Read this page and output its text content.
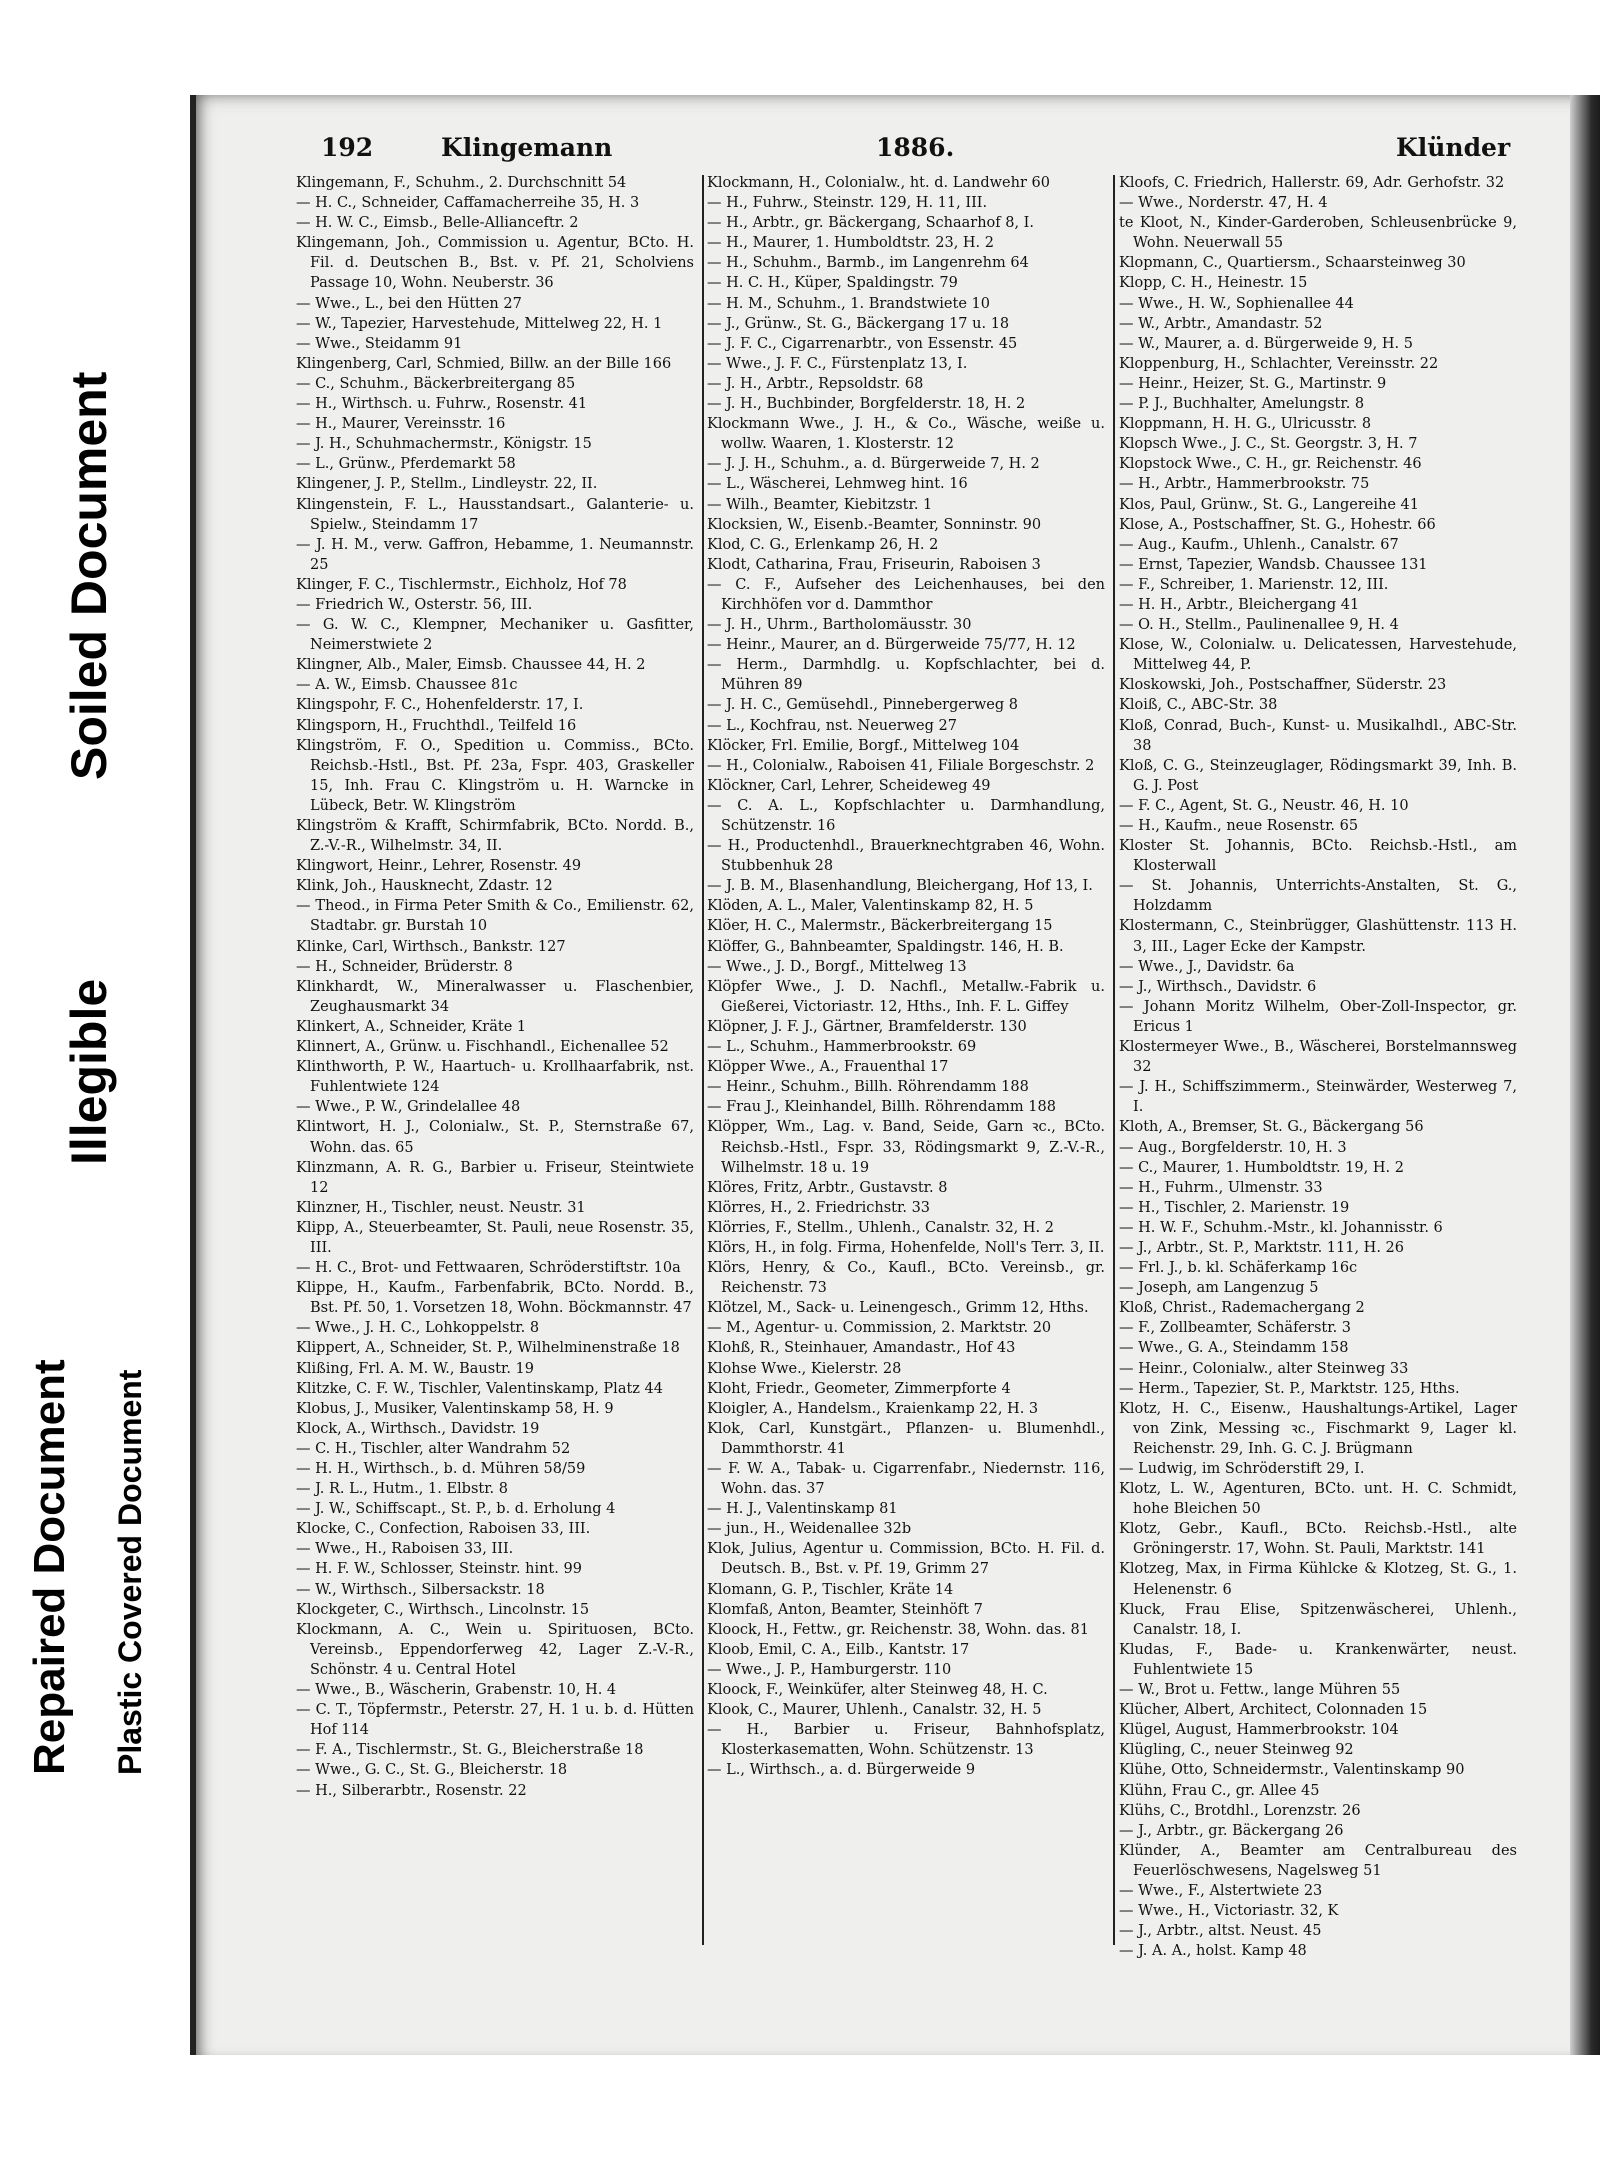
Soiled Document
Illegible
Repaired Document Plastic Covered Document
192	Klingemann	1886.	Klünder

Klingemann, F., Schuhm., 2. Durchschnitt 54

— H. C., Schneider, Caffamacherreihe 35, H. 3

— H. W. C., Eimsb., Belle-Allianceftr. 2

Klingemann, Joh., Commission u. Agentur, BCto. H. Fil. d. Deutschen B., Bst. v. Pf. 21, Scholviens Passage 10, Wohn. Neuberstr. 36

— Wwe., L., bei den Hütten 27

— W., Tapezier, Harvestehude, Mittelweg 22, H. 1

— Wwe., Steidamm 91

Klingenberg, Carl, Schmied, Billw. an der Bille 166

— C., Schuhm., Bäckerbreitergang 85

— H., Wirthsch. u. Fuhrw., Rosenstr. 41

— H., Maurer, Vereinsstr. 16

— J. H., Schuhmachermstr., Königstr. 15

— L., Grünw., Pferdemarkt 58

Klingener, J. P., Stellm., Lindleystr. 22, II.

Klingenstein, F. L., Hausstandsart., Galanterie- u. Spielw., Steindamm 17

— J. H. M., verw. Gaffron, Hebamme, 1. Neumannstr. 25

Klinger, F. C., Tischlermstr., Eichholz, Hof 78

— Friedrich W., Osterstr. 56, III.

— G. W. C., Klempner, Mechaniker u. Gasfitter, Neimerstwiete 2

Klingner, Alb., Maler, Eimsb. Chaussee 44, H. 2

— A. W., Eimsb. Chaussee 81c

Klingspohr, F. C., Hohenfelderstr. 17, I.

Klingsporn, H., Fruchthdl., Teilfeld 16

Klingström, F. O., Spedition u. Commiss., BCto. Reichsb.-Hstl., Bst. Pf. 23a, Fspr. 403, Graskeller 15, Inh. Frau C. Klingström u. H. Warncke in Lübeck, Betr. W. Klingström

Klingström & Krafft, Schirmfabrik, BCto. Nordd. B., Z.-V.-R., Wilhelmstr. 34, II.

Klingwort, Heinr., Lehrer, Rosenstr. 49

Klink, Joh., Hausknecht, Zdastr. 12

— Theod., in Firma Peter Smith & Co., Emilienstr. 62, Stadtabr. gr. Burstah 10

Klinke, Carl, Wirthsch., Bankstr. 127

— H., Schneider, Brüderstr. 8

Klinkhardt, W., Mineralwasser u. Flaschenbier, Zeughausmarkt 34

Klinkert, A., Schneider, Kräte 1

Klinnert, A., Grünw. u. Fischhandl., Eichenallee 52

Klinthworth, P. W., Haartuch- u. Krollhaarfabrik, nst. Fuhlentwiete 124

— Wwe., P. W., Grindelallee 48

Klintwort, H. J., Colonialw., St. P., Sternstraße 67, Wohn. das. 65

Klinzmann, A. R. G., Barbier u. Friseur, Steintwiete 12

Klinzner, H., Tischler, neust. Neustr. 31

Klipp, A., Steuerbeamter, St. Pauli, neue Rosenstr. 35, III.

— H. C., Brot- und Fettwaaren, Schröderstiftstr. 10a

Klippe, H., Kaufm., Farbenfabrik, BCto. Nordd. B., Bst. Pf. 50, 1. Vorsetzen 18, Wohn. Böckmannstr. 47

— Wwe., J. H. C., Lohkoppelstr. 8

Klippert, A., Schneider, St. P., Wilhelminenstraße 18

Klißing, Frl. A. M. W., Baustr. 19

Klitzke, C. F. W., Tischler, Valentinskamp, Platz 44

Klobus, J., Musiker, Valentinskamp 58, H. 9

Klock, A., Wirthsch., Davidstr. 19

— C. H., Tischler, alter Wandrahm 52

— H. H., Wirthsch., b. d. Mühren 58/59

— J. R. L., Hutm., 1. Elbstr. 8

— J. W., Schiffscapt., St. P., b. d. Erholung 4

Klocke, C., Confection, Raboisen 33, III.

— Wwe., H., Raboisen 33, III.

— H. F. W., Schlosser, Steinstr. hint. 99

— W., Wirthsch., Silbersackstr. 18

Klockgeter, C., Wirthsch., Lincolnstr. 15

Klockmann, A. C., Wein u. Spirituosen, BCto. Vereinsb., Eppendorferweg 42, Lager Z.-V.-R., Schönstr. 4 u. Central Hotel

— Wwe., B., Wäscherin, Grabenstr. 10, H. 4

— C. T., Töpfermstr., Peterstr. 27, H. 1 u. b. d. Hütten Hof 114

— F. A., Tischlermstr., St. G., Bleicherstraße 18

— Wwe., G. C., St. G., Bleicherstr. 18

— H., Silberarbtr., Rosenstr. 22

Klockmann, H., Colonialw., ht. d. Landwehr 60

— H., Fuhrw., Steinstr. 129, H. 11, III.

— H., Arbtr., gr. Bäckergang, Schaarhof 8, I.

— H., Maurer, 1. Humboldtstr. 23, H. 2

— H., Schuhm., Barmb., im Langenrehm 64

— H. C. H., Küper, Spaldingstr. 79

— H. M., Schuhm., 1. Brandstwiete 10

— J., Grünw., St. G., Bäckergang 17 u. 18

— J. F. C., Cigarrenarbtr., von Essenstr. 45

— Wwe., J. F. C., Fürstenplatz 13, I.

— J. H., Arbtr., Repsoldstr. 68

— J. H., Buchbinder, Borgfelderstr. 18, H. 2

Klockmann Wwe., J. H., & Co., Wäsche, weiße u. wollw. Waaren, 1. Klosterstr. 12

— J. J. H., Schuhm., a. d. Bürgerweide 7, H. 2

— L., Wäscherei, Lehmweg hint. 16

— Wilh., Beamter, Kiebitzstr. 1

Klocksien, W., Eisenb.-Beamter, Sonninstr. 90

Klod, C. G., Erlenkamp 26, H. 2

Klodt, Catharina, Frau, Friseurin, Raboisen 3

— C. F., Aufseher des Leichenhauses, bei den Kirchhöfen vor d. Dammthor

— J. H., Uhrm., Bartholomäusstr. 30

— Heinr., Maurer, an d. Bürgerweide 75/77, H. 12

— Herm., Darmhdlg. u. Kopfschlachter, bei d. Mühren 89

— J. H. C., Gemüsehdl., Pinnebergerweg 8

— L., Kochfrau, nst. Neuerweg 27

Klöcker, Frl. Emilie, Borgf., Mittelweg 104

— H., Colonialw., Raboisen 41, Filiale Borgeschstr. 2

Klöckner, Carl, Lehrer, Scheideweg 49

— C. A. L., Kopfschlachter u. Darmhandlung, Schützenstr. 16

— H., Productenhdl., Brauerknechtgraben 46, Wohn. Stubbenhuk 28

— J. B. M., Blasenhandlung, Bleichergang, Hof 13, I.

Klöden, A. L., Maler, Valentinskamp 82, H. 5

Klöer, H. C., Malermstr., Bäckerbreitergang 15

Klöffer, G., Bahnbeamter, Spaldingstr. 146, H. B.

— Wwe., J. D., Borgf., Mittelweg 13

Klöpfer Wwe., J. D. Nachfl., Metallw.-Fabrik u. Gießerei, Victoriastr. 12, Hths., Inh. F. L. Giffey

Klöpner, J. F. J., Gärtner, Bramfelderstr. 130

— L., Schuhm., Hammerbrookstr. 69

Klöpper Wwe., A., Frauenthal 17

— Heinr., Schuhm., Billh. Röhrendamm 188

— Frau J., Kleinhandel, Billh. Röhrendamm 188

Klöpper, Wm., Lag. v. Band, Seide, Garn ꝛc., BCto. Reichsb.-Hstl., Fspr. 33, Rödingsmarkt 9, Z.-V.-R., Wilhelmstr. 18 u. 19

Klöres, Fritz, Arbtr., Gustavstr. 8

Klörres, H., 2. Friedrichstr. 33

Klörries, F., Stellm., Uhlenh., Canalstr. 32, H. 2

Klörs, H., in folg. Firma, Hohenfelde, Noll's Terr. 3, II.

Klörs, Henry, & Co., Kaufl., BCto. Vereinsb., gr. Reichenstr. 73

Klötzel, M., Sack- u. Leinengesch., Grimm 12, Hths.

— M., Agentur- u. Commission, 2. Marktstr. 20

Klohß, R., Steinhauer, Amandastr., Hof 43

Klohse Wwe., Kielerstr. 28

Kloht, Friedr., Geometer, Zimmerpforte 4

Kloigler, A., Handelsm., Kraienkamp 22, H. 3

Klok, Carl, Kunstgärt., Pflanzen- u. Blumenhdl., Dammthorstr. 41

— F. W. A., Tabak- u. Cigarrenfabr., Niedernstr. 116, Wohn. das. 37

— H. J., Valentinskamp 81

— jun., H., Weidenallee 32b

Klok, Julius, Agentur u. Commission, BCto. H. Fil. d. Deutsch. B., Bst. v. Pf. 19, Grimm 27

Klomann, G. P., Tischler, Kräte 14

Klomfaß, Anton, Beamter, Steinhöft 7

Kloock, H., Fettw., gr. Reichenstr. 38, Wohn. das. 81

Kloob, Emil, C. A., Eilb., Kantstr. 17

— Wwe., J. P., Hamburgerstr. 110

Kloock, F., Weinküfer, alter Steinweg 48, H. C.

Klook, C., Maurer, Uhlenh., Canalstr. 32, H. 5

— H., Barbier u. Friseur, Bahnhofsplatz, Klosterkasematten, Wohn. Schützenstr. 13

— L., Wirthsch., a. d. Bürgerweide 9

Kloofs, C. Friedrich, Hallerstr. 69, Adr. Gerhofstr. 32

— Wwe., Norderstr. 47, H. 4

te Kloot, N., Kinder-Garderoben, Schleusenbrücke 9, Wohn. Neuerwall 55

Klopmann, C., Quartiersm., Schaarsteinweg 30

Klopp, C. H., Heinestr. 15

— Wwe., H. W., Sophienallee 44

— W., Arbtr., Amandastr. 52

— W., Maurer, a. d. Bürgerweide 9, H. 5

Kloppenburg, H., Schlachter, Vereinsstr. 22

— Heinr., Heizer, St. G., Martinstr. 9

— P. J., Buchhalter, Amelungstr. 8

Kloppmann, H. H. G., Ulricusstr. 8

Klopsch Wwe., J. C., St. Georgstr. 3, H. 7

Klopstock Wwe., C. H., gr. Reichenstr. 46

— H., Arbtr., Hammerbrookstr. 75

Klos, Paul, Grünw., St. G., Langereihe 41

Klose, A., Postschaffner, St. G., Hohestr. 66

— Aug., Kaufm., Uhlenh., Canalstr. 67

— Ernst, Tapezier, Wandsb. Chaussee 131

— F., Schreiber, 1. Marienstr. 12, III.

— H. H., Arbtr., Bleichergang 41

— O. H., Stellm., Paulinenallee 9, H. 4

Klose, W., Colonialw. u. Delicatessen, Harvestehude, Mittelweg 44, P.

Kloskowski, Joh., Postschaffner, Süderstr. 23

Kloiß, C., ABC-Str. 38

Kloß, Conrad, Buch-, Kunst- u. Musikalhdl., ABC-Str. 38

Kloß, C. G., Steinzeuglager, Rödingsmarkt 39, Inh. B. G. J. Post

— F. C., Agent, St. G., Neustr. 46, H. 10

— H., Kaufm., neue Rosenstr. 65

Kloster St. Johannis, BCto. Reichsb.-Hstl., am Klosterwall

— St. Johannis, Unterrichts-Anstalten, St. G., Holzdamm

Klostermann, C., Steinbrügger, Glashüttenstr. 113 H. 3, III., Lager Ecke der Kampstr.

— Wwe., J., Davidstr. 6a

— J., Wirthsch., Davidstr. 6

— Johann Moritz Wilhelm, Ober-Zoll-Inspector, gr. Ericus 1

Klostermeyer Wwe., B., Wäscherei, Borstelmannsweg 32

— J. H., Schiffszimmerm., Steinwärder, Westerweg 7, I.

Kloth, A., Bremser, St. G., Bäckergang 56

— Aug., Borgfelderstr. 10, H. 3

— C., Maurer, 1. Humboldtstr. 19, H. 2

— H., Fuhrm., Ulmenstr. 33

— H., Tischler, 2. Marienstr. 19

— H. W. F., Schuhm.-Mstr., kl. Johannisstr. 6

— J., Arbtr., St. P., Marktstr. 111, H. 26

— Frl. J., b. kl. Schäferkamp 16c

— Joseph, am Langenzug 5

Kloß, Christ., Rademachergang 2

— F., Zollbeamter, Schäferstr. 3

— Wwe., G. A., Steindamm 158

— Heinr., Colonialw., alter Steinweg 33

— Herm., Tapezier, St. P., Marktstr. 125, Hths.

Klotz, H. C., Eisenw., Haushaltungs-Artikel, Lager von Zink, Messing ꝛc., Fischmarkt 9, Lager kl. Reichenstr. 29, Inh. G. C. J. Brügmann

— Ludwig, im Schröderstift 29, I.

Klotz, L. W., Agenturen, BCto. unt. H. C. Schmidt, hohe Bleichen 50

Klotz, Gebr., Kaufl., BCto. Reichsb.-Hstl., alte Gröningerstr. 17, Wohn. St. Pauli, Marktstr. 141

Klotzeg, Max, in Firma Kühlcke & Klotzeg, St. G., 1. Helenenstr. 6

Kluck, Frau Elise, Spitzenwäscherei, Uhlenh., Canalstr. 18, I.

Kludas, F., Bade- u. Krankenwärter, neust. Fuhlentwiete 15

— W., Brot u. Fettw., lange Mühren 55

Klücher, Albert, Architect, Colonnaden 15

Klügel, August, Hammerbrookstr. 104

Klügling, C., neuer Steinweg 92

Klühe, Otto, Schneidermstr., Valentinskamp 90

Klühn, Frau C., gr. Allee 45

Klühs, C., Brotdhl., Lorenzstr. 26

— J., Arbtr., gr. Bäckergang 26

Klünder, A., Beamter am Centralbureau des Feuerlöschwesens, Nagelsweg 51

— Wwe., F., Alstertwiete 23

— Wwe., H., Victoriastr. 32, K

— J., Arbtr., altst. Neust. 45

— J. A. A., holst. Kamp 48
